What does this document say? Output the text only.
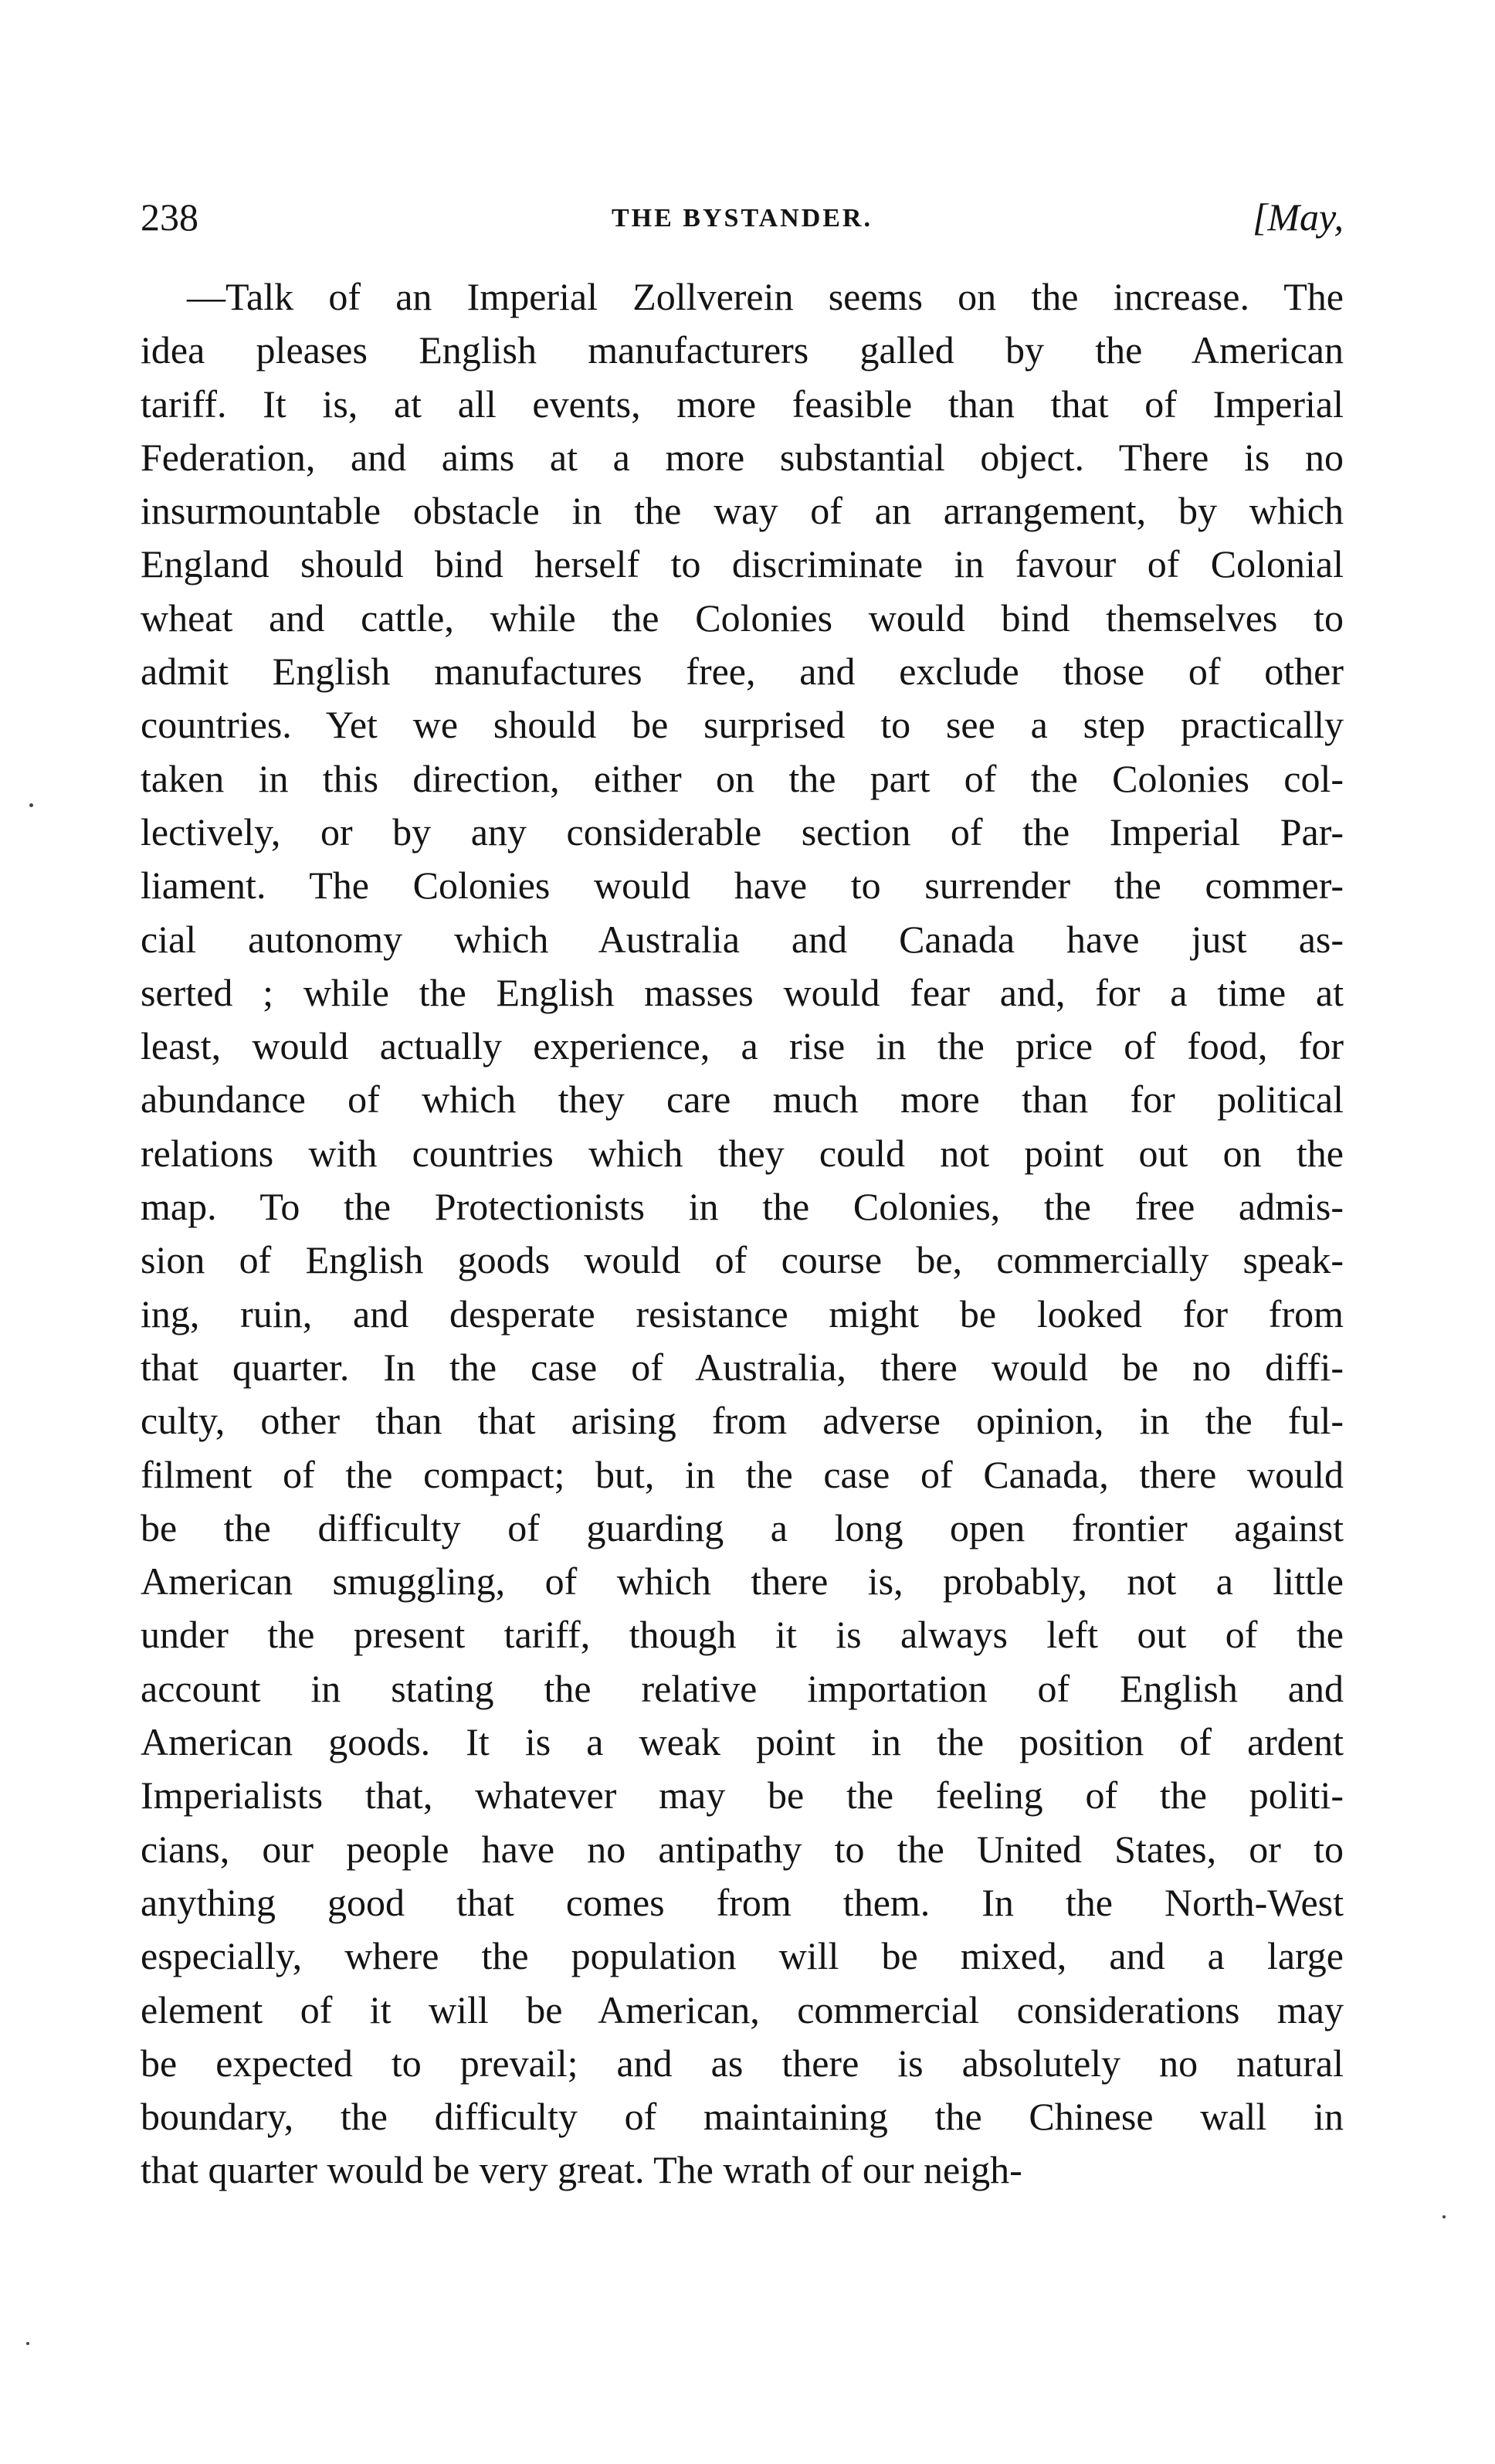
238	THE BYSTANDER.	[May,

—Talk of an Imperial Zollverein seems on the increase. The
idea pleases English manufacturers galled by the American
tariff. It is, at all events, more feasible than that of Imperial
Federation, and aims at a more substantial object. There is no
insurmountable obstacle in the way of an arrangement, by which
England should bind herself to discriminate in favour of Colonial
wheat and cattle, while the Colonies would bind themselves to
admit English manufactures free, and exclude those of other
countries. Yet we should be surprised to see a step practically
taken in this direction, either on the part of the Colonies col-
lectively, or by any considerable section of the Imperial Par-
liament. The Colonies would have to surrender the commer-
cial autonomy which Australia and Canada have just as-
serted ; while the English masses would fear and, for a time at
least, would actually experience, a rise in the price of food, for
abundance of which they care much more than for political
relations with countries which they could not point out on the
map. To the Protectionists in the Colonies, the free admis-
sion of English goods would of course be, commercially speak-
ing, ruin, and desperate resistance might be looked for from
that quarter. In the case of Australia, there would be no diffi-
culty, other than that arising from adverse opinion, in the ful-
filment of the compact; but, in the case of Canada, there would
be the difficulty of guarding a long open frontier against
American smuggling, of which there is, probably, not a little
under the present tariff, though it is always left out of the
account in stating the relative importation of English and
American goods. It is a weak point in the position of ardent
Imperialists that, whatever may be the feeling of the politi-
cians, our people have no antipathy to the United States, or to
anything good that comes from them. In the North-West
especially, where the population will be mixed, and a large
element of it will be American, commercial considerations may
be expected to prevail; and as there is absolutely no natural
boundary, the difficulty of maintaining the Chinese wall in
that quarter would be very great. The wrath of our neigh-
